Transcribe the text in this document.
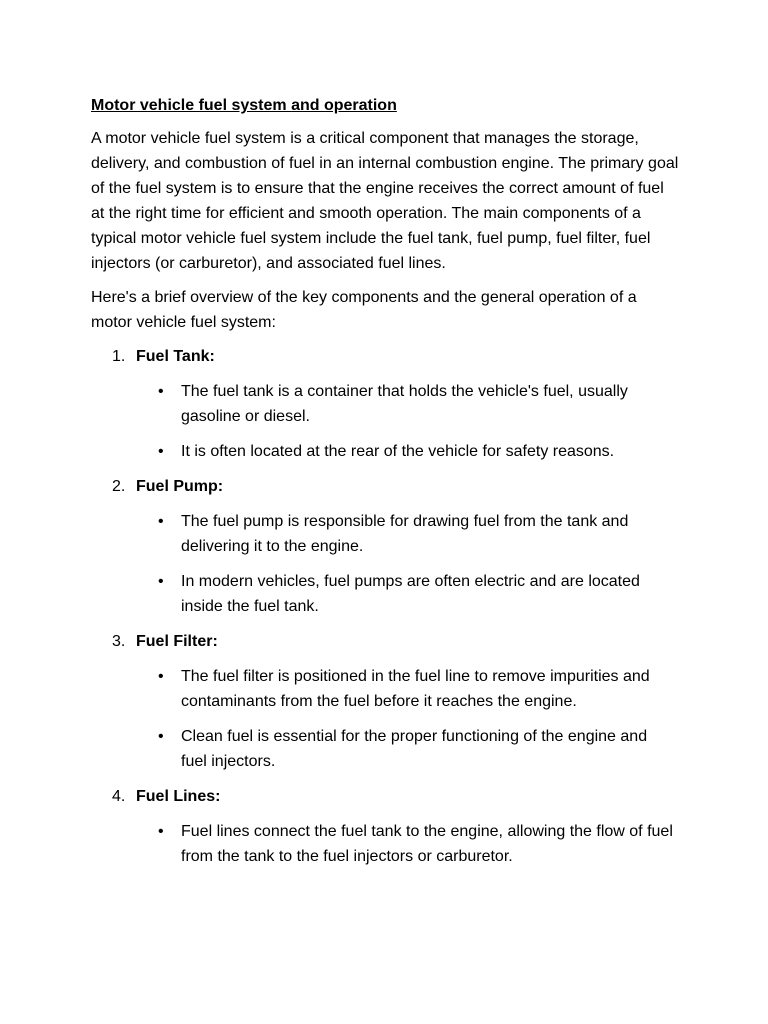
Motor vehicle fuel system and operation

A motor vehicle fuel system is a critical component that manages the storage, delivery, and combustion of fuel in an internal combustion engine. The primary goal of the fuel system is to ensure that the engine receives the correct amount of fuel at the right time for efficient and smooth operation. The main components of a typical motor vehicle fuel system include the fuel tank, fuel pump, fuel filter, fuel injectors (or carburetor), and associated fuel lines.

Here's a brief overview of the key components and the general operation of a motor vehicle fuel system:

1. Fuel Tank:
•	The fuel tank is a container that holds the vehicle's fuel, usually gasoline or diesel.
•	It is often located at the rear of the vehicle for safety reasons.
2. Fuel Pump:
•	The fuel pump is responsible for drawing fuel from the tank and delivering it to the engine.
•	In modern vehicles, fuel pumps are often electric and are located inside the fuel tank.
3. Fuel Filter:
•	The fuel filter is positioned in the fuel line to remove impurities and contaminants from the fuel before it reaches the engine.
•	Clean fuel is essential for the proper functioning of the engine and fuel injectors.
4. Fuel Lines:
•	Fuel lines connect the fuel tank to the engine, allowing the flow of fuel from the tank to the fuel injectors or carburetor.
